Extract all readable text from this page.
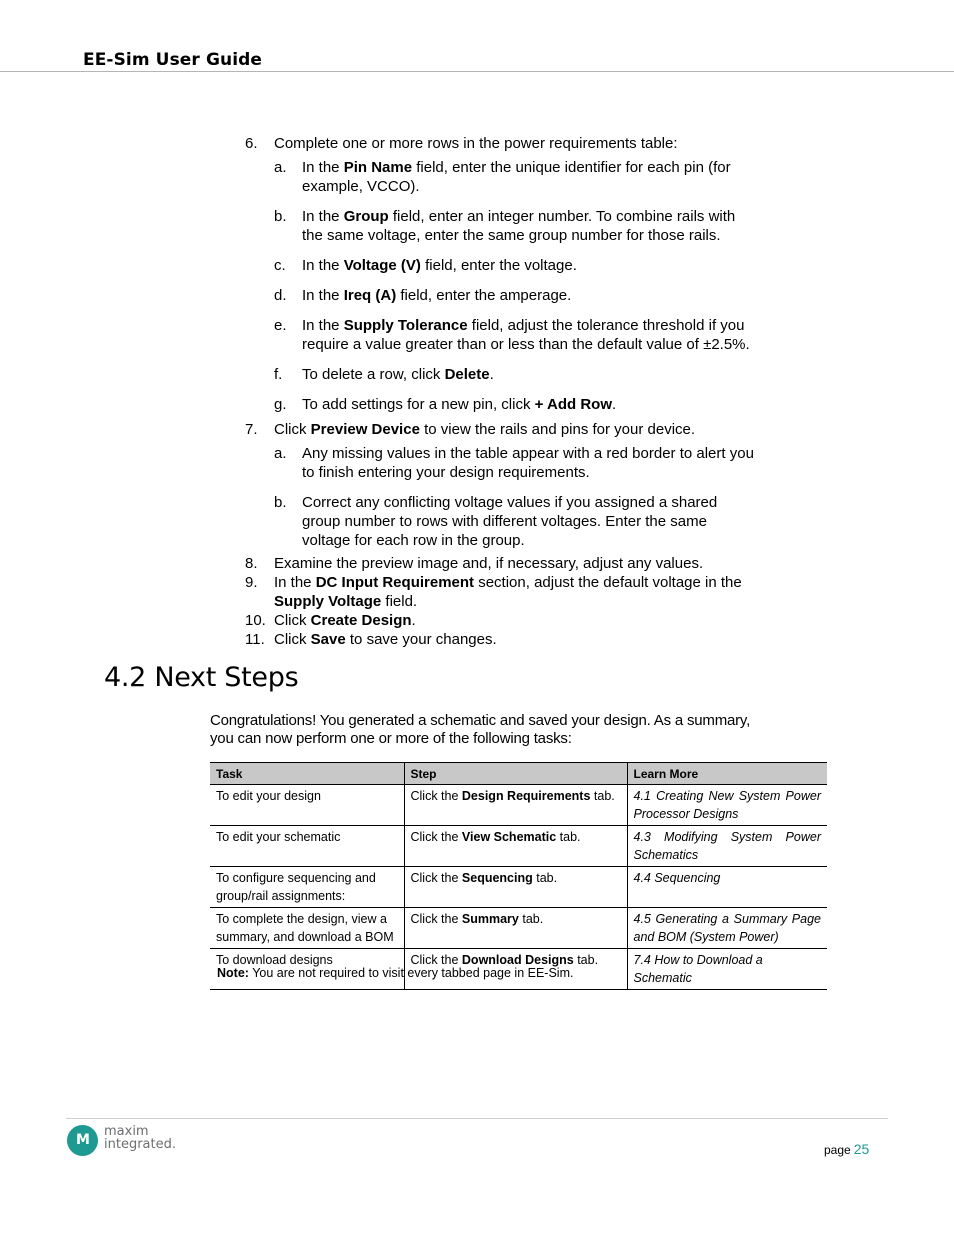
EE-Sim User Guide
6. Complete one or more rows in the power requirements table:
a. In the Pin Name field, enter the unique identifier for each pin (for example, VCCO).
b. In the Group field, enter an integer number. To combine rails with the same voltage, enter the same group number for those rails.
c. In the Voltage (V) field, enter the voltage.
d. In the Ireq (A) field, enter the amperage.
e. In the Supply Tolerance field, adjust the tolerance threshold if you require a value greater than or less than the default value of ±2.5%.
f. To delete a row, click Delete.
g. To add settings for a new pin, click + Add Row.
7. Click Preview Device to view the rails and pins for your device.
a. Any missing values in the table appear with a red border to alert you to finish entering your design requirements.
b. Correct any conflicting voltage values if you assigned a shared group number to rows with different voltages. Enter the same voltage for each row in the group.
8. Examine the preview image and, if necessary, adjust any values.
9. In the DC Input Requirement section, adjust the default voltage in the Supply Voltage field.
10. Click Create Design.
11. Click Save to save your changes.
4.2 Next Steps
Congratulations! You generated a schematic and saved your design. As a summary, you can now perform one or more of the following tasks:
Task	Step	Learn More
To edit your design	Click the Design Requirements tab.	4.1 Creating New System Power Processor Designs
To edit your schematic	Click the View Schematic tab.	4.3 Modifying System Power Schematics
To configure sequencing and group/rail assignments:	Click the Sequencing tab.	4.4 Sequencing
To complete the design, view a summary, and download a BOM	Click the Summary tab.	4.5 Generating a Summary Page and BOM (System Power)
To download designs	Click the Download Designs tab.	7.4 How to Download a Schematic
Note: You are not required to visit every tabbed page in EE-Sim.
M
maxim
integrated.	page 25
